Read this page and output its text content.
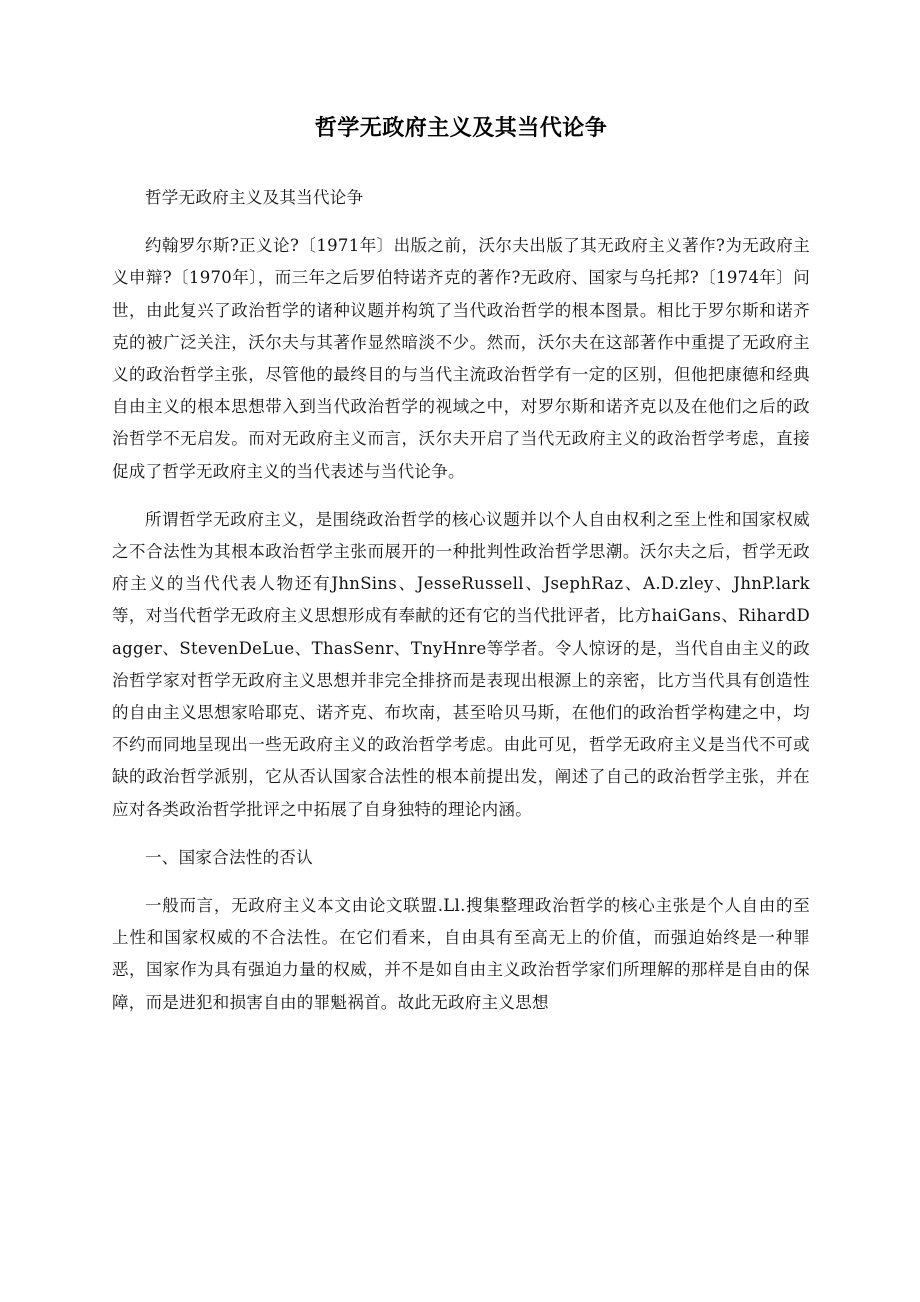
哲学无政府主义及其当代论争

哲学无政府主义及其当代论争

约翰罗尔斯?正义论?〔1971年〕出版之前，沃尔夫出版了其无政府主义著作?为无政府主义申辩?〔1970年〕，而三年之后罗伯特诺齐克的著作?无政府、国家与乌托邦?〔1974年〕问世，由此复兴了政治哲学的诸种议题并构筑了当代政治哲学的根本图景。相比于罗尔斯和诺齐克的被广泛关注，沃尔夫与其著作显然暗淡不少。然而，沃尔夫在这部著作中重提了无政府主义的政治哲学主张，尽管他的最终目的与当代主流政治哲学有一定的区别，但他把康德和经典自由主义的根本思想带入到当代政治哲学的视域之中，对罗尔斯和诺齐克以及在他们之后的政治哲学不无启发。而对无政府主义而言，沃尔夫开启了当代无政府主义的政治哲学考虑，直接促成了哲学无政府主义的当代表述与当代论争。

所谓哲学无政府主义，是围绕政治哲学的核心议题并以个人自由权利之至上性和国家权威之不合法性为其根本政治哲学主张而展开的一种批判性政治哲学思潮。沃尔夫之后，哲学无政府主义的当代代表人物还有JhnSins、JesseRussell、JsephRaz、A.D.zley、JhnP.lark等，对当代哲学无政府主义思想形成有奉献的还有它的当代批评者，比方haiGans、RihardDagger、StevenDeLue、ThasSenr、TnyHnre等学者。令人惊讶的是，当代自由主义的政治哲学家对哲学无政府主义思想并非完全排挤而是表现出根源上的亲密，比方当代具有创造性的自由主义思想家哈耶克、诺齐克、布坎南，甚至哈贝马斯，在他们的政治哲学构建之中，均不约而同地呈现出一些无政府主义的政治哲学考虑。由此可见，哲学无政府主义是当代不可或缺的政治哲学派别，它从否认国家合法性的根本前提出发，阐述了自己的政治哲学主张，并在应对各类政治哲学批评之中拓展了自身独特的理论内涵。

一、国家合法性的否认

一般而言，无政府主义本文由论文联盟.Ll.搜集整理政治哲学的核心主张是个人自由的至上性和国家权威的不合法性。在它们看来，自由具有至高无上的价值，而强迫始终是一种罪恶，国家作为具有强迫力量的权威，并不是如自由主义政治哲学家们所理解的那样是自由的保障，而是进犯和损害自由的罪魁祸首。故此无政府主义思想
